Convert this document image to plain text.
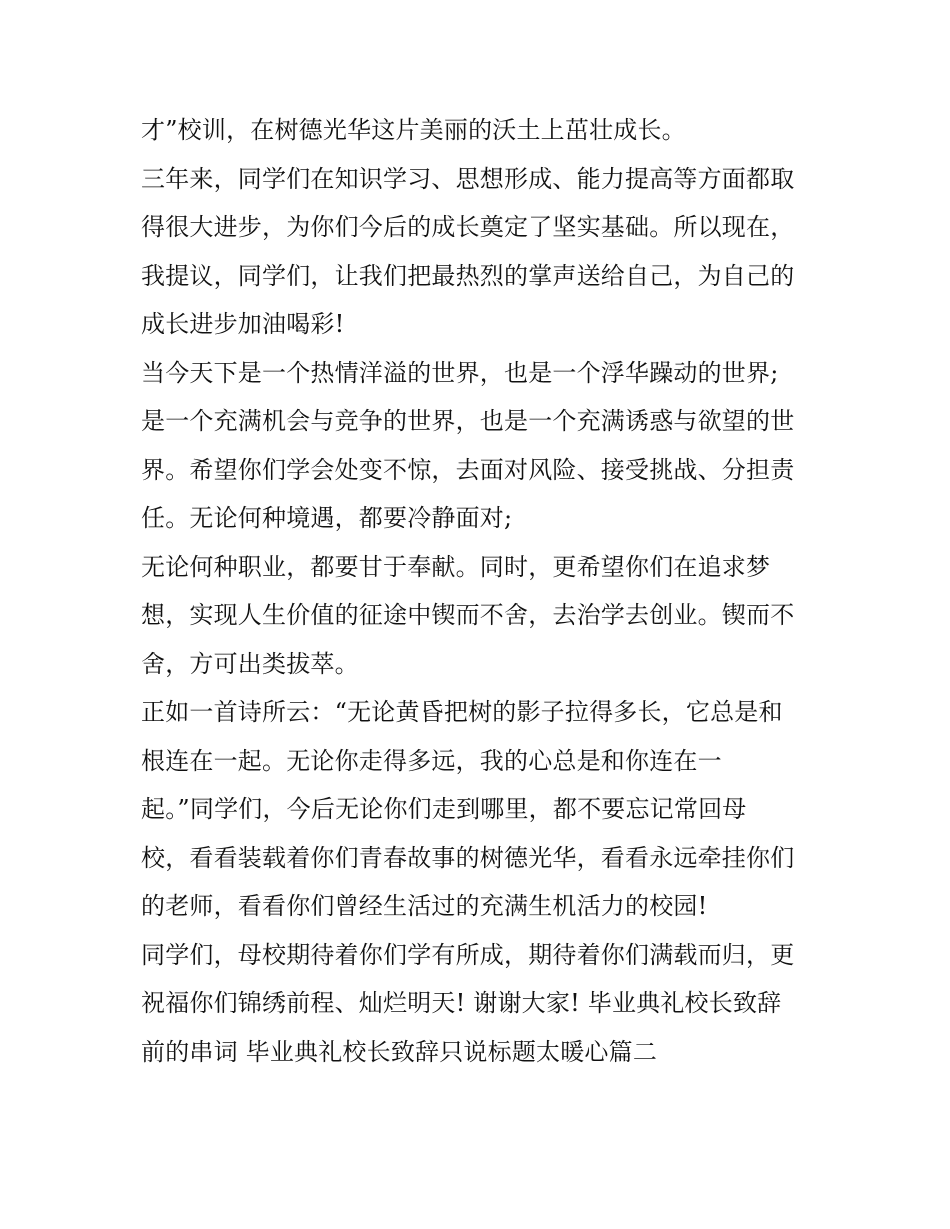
才”校训，在树德光华这片美丽的沃土上茁壮成长。
三年来，同学们在知识学习、思想形成、能力提高等方面都取
得很大进步，为你们今后的成长奠定了坚实基础。所以现在，
我提议，同学们，让我们把最热烈的掌声送给自己，为自己的
成长进步加油喝彩!
当今天下是一个热情洋溢的世界，也是一个浮华躁动的世界;
是一个充满机会与竞争的世界，也是一个充满诱惑与欲望的世
界。希望你们学会处变不惊，去面对风险、接受挑战、分担责
任。无论何种境遇，都要冷静面对;
无论何种职业，都要甘于奉献。同时，更希望你们在追求梦
想，实现人生价值的征途中锲而不舍，去治学去创业。锲而不
舍，方可出类拔萃。
正如一首诗所云：“无论黄昏把树的影子拉得多长，它总是和
根连在一起。无论你走得多远，我的心总是和你连在一
起。”同学们，今后无论你们走到哪里，都不要忘记常回母
校，看看装载着你们青春故事的树德光华，看看永远牵挂你们
的老师，看看你们曾经生活过的充满生机活力的校园!
同学们，母校期待着你们学有所成，期待着你们满载而归，更
祝福你们锦绣前程、灿烂明天! 谢谢大家! 毕业典礼校长致辞
前的串词 毕业典礼校长致辞只说标题太暖心篇二
